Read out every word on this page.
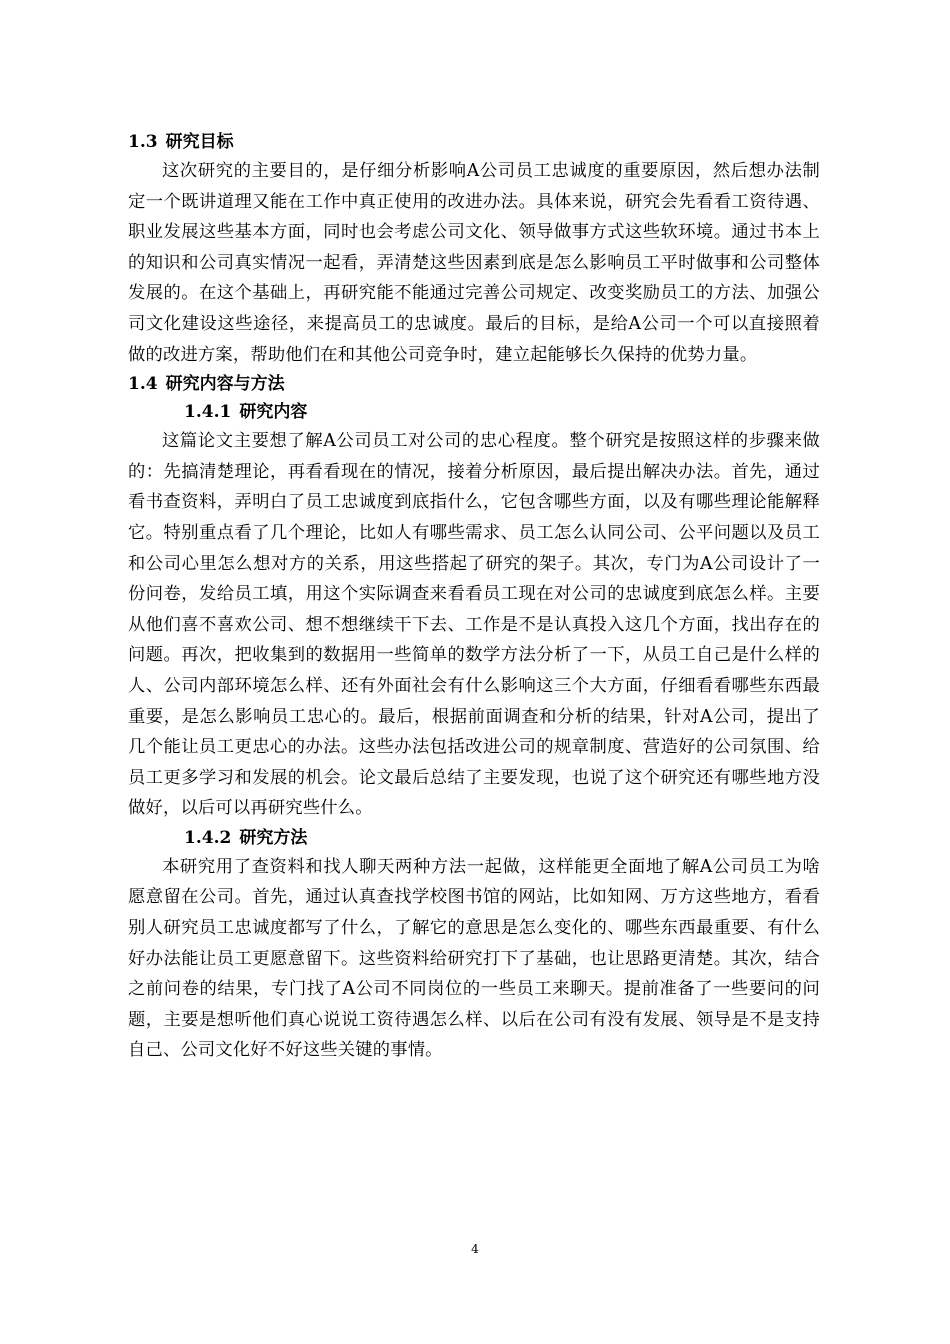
1.3 研究目标

这次研究的主要目的，是仔细分析影响A公司员工忠诚度的重要原因，然后想办法制定一个既讲道理又能在工作中真正使用的改进办法。具体来说，研究会先看看工资待遇、职业发展这些基本方面，同时也会考虑公司文化、领导做事方式这些软环境。通过书本上的知识和公司真实情况一起看，弄清楚这些因素到底是怎么影响员工平时做事和公司整体发展的。在这个基础上，再研究能不能通过完善公司规定、改变奖励员工的方法、加强公司文化建设这些途径，来提高员工的忠诚度。最后的目标，是给A公司一个可以直接照着做的改进方案，帮助他们在和其他公司竞争时，建立起能够长久保持的优势力量。

1.4 研究内容与方法
1.4.1 研究内容

这篇论文主要想了解A公司员工对公司的忠心程度。整个研究是按照这样的步骤来做的：先搞清楚理论，再看看现在的情况，接着分析原因，最后提出解决办法。首先，通过看书查资料，弄明白了员工忠诚度到底指什么，它包含哪些方面，以及有哪些理论能解释它。特别重点看了几个理论，比如人有哪些需求、员工怎么认同公司、公平问题以及员工和公司心里怎么想对方的关系，用这些搭起了研究的架子。其次，专门为A公司设计了一份问卷，发给员工填，用这个实际调查来看看员工现在对公司的忠诚度到底怎么样。主要从他们喜不喜欢公司、想不想继续干下去、工作是不是认真投入这几个方面，找出存在的问题。再次，把收集到的数据用一些简单的数学方法分析了一下，从员工自己是什么样的人、公司内部环境怎么样、还有外面社会有什么影响这三个大方面，仔细看看哪些东西最重要，是怎么影响员工忠心的。最后，根据前面调查和分析的结果，针对A公司，提出了几个能让员工更忠心的办法。这些办法包括改进公司的规章制度、营造好的公司氛围、给员工更多学习和发展的机会。论文最后总结了主要发现，也说了这个研究还有哪些地方没做好，以后可以再研究些什么。

1.4.2 研究方法

本研究用了查资料和找人聊天两种方法一起做，这样能更全面地了解A公司员工为啥愿意留在公司。首先，通过认真查找学校图书馆的网站，比如知网、万方这些地方，看看别人研究员工忠诚度都写了什么，了解它的意思是怎么变化的、哪些东西最重要、有什么好办法能让员工更愿意留下。这些资料给研究打下了基础，也让思路更清楚。其次，结合之前问卷的结果，专门找了A公司不同岗位的一些员工来聊天。提前准备了一些要问的问题，主要是想听他们真心说说工资待遇怎么样、以后在公司有没有发展、领导是不是支持自己、公司文化好不好这些关键的事情。

4
